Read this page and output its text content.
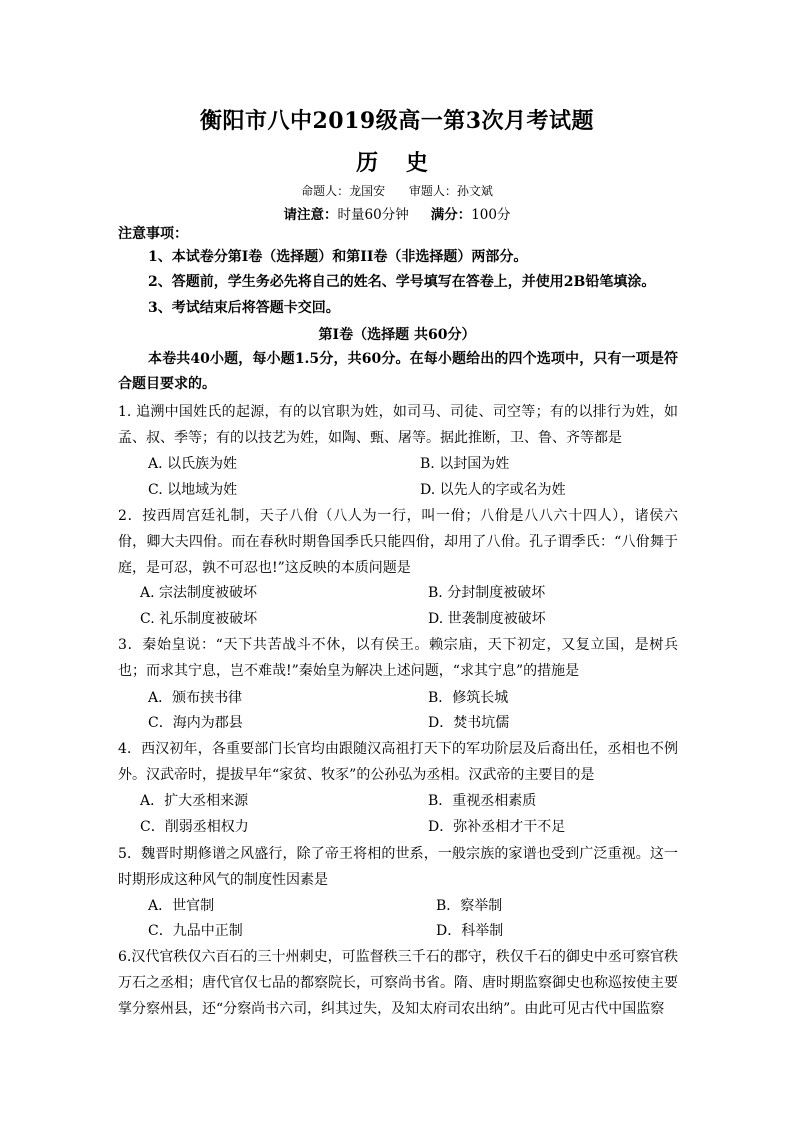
衡阳市八中2019级高一第3次月考试题
历 史
命题人：龙国安 审题人：孙文斌
请注意：时量60分钟 满分：100分
注意事项：
1、本试卷分第I卷（选择题）和第II卷（非选择题）两部分。
2、答题前，学生务必先将自己的姓名、学号填写在答卷上，并使用2B铅笔填涂。
3、考试结束后将答题卡交回。
第I卷（选择题 共60分）
本卷共40小题，每小题1.5分，共60分。在每小题给出的四个选项中，只有一项是符合题目要求的。
1. 追溯中国姓氏的起源，有的以官职为姓，如司马、司徒、司空等；有的以排行为姓，如孟、叔、季等；有的以技艺为姓，如陶、甄、屠等。据此推断，卫、鲁、齐等都是
A. 以氏族为姓	B. 以封国为姓
C. 以地域为姓	D. 以先人的字或名为姓
2．按西周宫廷礼制，天子八佾（八人为一行，叫一佾；八佾是八八六十四人），诸侯六佾，卿大夫四佾。而在春秋时期鲁国季氏只能四佾，却用了八佾。孔子谓季氏：“八佾舞于庭，是可忍，孰不可忍也!”这反映的本质问题是
A. 宗法制度被破坏	B. 分封制度被破坏
C. 礼乐制度被破坏	D. 世袭制度被破坏
3．秦始皇说：“天下共苦战斗不休，以有侯王。赖宗庙，天下初定，又复立国，是树兵也；而求其宁息，岂不难哉!”秦始皇为解决上述问题，“求其宁息”的措施是
A．颁布挟书律	B．修筑长城
C．海内为郡县	D．焚书坑儒
4．西汉初年，各重要部门长官均由跟随汉高祖打天下的军功阶层及后裔出任，丞相也不例外。汉武帝时，提拔早年“家贫、牧豕”的公孙弘为丞相。汉武帝的主要目的是
A．扩大丞相来源	B．重视丞相素质
C．削弱丞相权力	D．弥补丞相才干不足
5．魏晋时期修谱之风盛行，除了帝王将相的世系，一般宗族的家谱也受到广泛重视。这一时期形成这种风气的制度性因素是
A．世官制	B．察举制
C．九品中正制	D．科举制
6.汉代官秩仅六百石的三十州刺史，可监督秩三千石的郡守，秩仅千石的御史中丞可察官秩万石之丞相；唐代官仅七品的都察院长，可察尚书省。隋、唐时期监察御史也称巡按使主要掌分察州县，还“分察尚书六司，纠其过失，及知太府司农出纳”。由此可见古代中国监察
